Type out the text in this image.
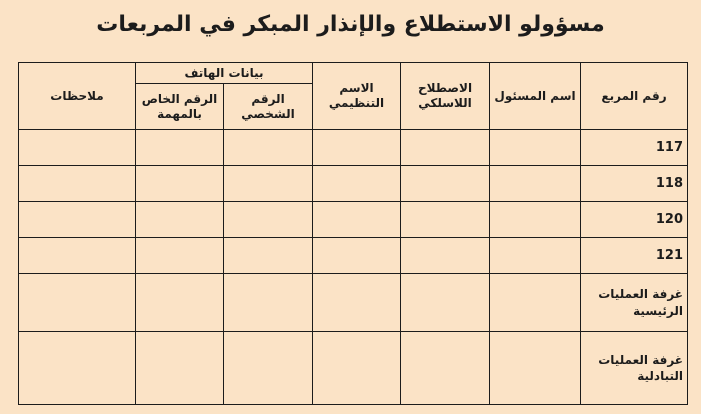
مسؤولو الاستطلاع والإنذار المبكر في المربعات
رقم المربع	اسم المسئول	الاصطلاح اللاسلكي	الاسم التنظيمي	بيانات الهاتف		ملاحظات
				الرقم الشخصي	الرقم الخاص بالمهمة	
117						
118						
120						
121						
غرفة العمليات الرئيسية						
غرفة العمليات التبادلية						
